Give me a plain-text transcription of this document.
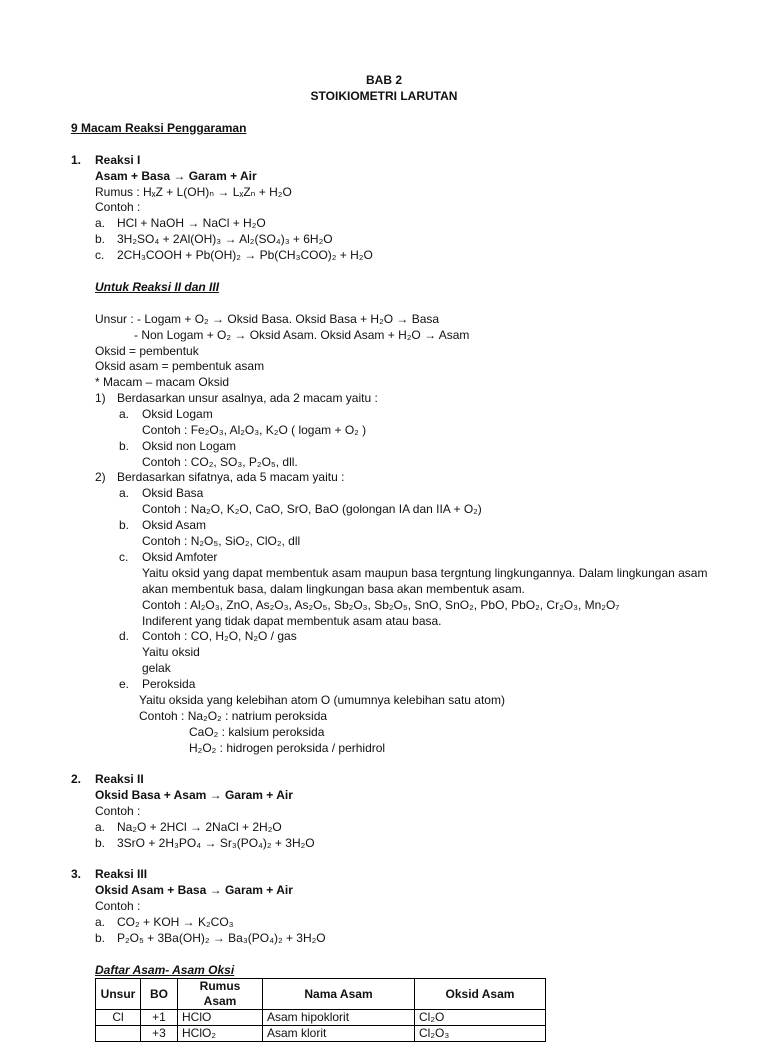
BAB 2
STOIKIOMETRI LARUTAN
9 Macam Reaksi Penggaraman
1. Reaksi I
Asam + Basa → Garam + Air
Rumus : HₓZ + L(OH)ₙ → LₓZₙ + H₂O
Contoh :
a. HCl + NaOH → NaCl + H₂O
b. 3H₂SO₄ + 2Al(OH)₃ → Al₂(SO₄)₃ + 6H₂O
c. 2CH₃COOH + Pb(OH)₂ → Pb(CH₃COO)₂ + H₂O
Untuk Reaksi II dan III
Unsur : - Logam + O₂ → Oksid Basa. Oksid Basa + H₂O → Basa
- Non Logam + O₂ → Oksid Asam. Oksid Asam + H₂O → Asam
Oksid = pembentuk
Oksid asam = pembentuk asam
* Macam – macam Oksid
1) Berdasarkan unsur asalnya, ada 2 macam yaitu :
a. Oksid Logam
Contoh : Fe₂O₃, Al₂O₃, K₂O ( logam + O₂ )
b. Oksid non Logam
Contoh : CO₂, SO₃, P₂O₅, dll.
2) Berdasarkan sifatnya, ada 5 macam yaitu :
a. Oksid Basa
Contoh : Na₂O, K₂O, CaO, SrO, BaO (golongan IA dan IIA + O₂)
b. Oksid Asam
Contoh : N₂O₅, SiO₂, ClO₂, dll
c. Oksid Amfoter
Yaitu oksid yang dapat membentuk asam maupun basa tergntung lingkungannya. Dalam lingkungan asam
akan membentuk basa, dalam lingkungan basa akan membentuk asam.
Contoh : Al₂O₃, ZnO, As₂O₃, As₂O₅, Sb₂O₃, Sb₂O₅, SnO, SnO₂, PbO, PbO₂, Cr₂O₃, Mn₂O₇
Indiferent yang tidak dapat membentuk asam atau basa.
d. Contoh : CO, H₂O, N₂O / gas
Yaitu oksid
gelak
e. Peroksida
Yaitu oksida yang kelebihan atom O (umumnya kelebihan satu atom)
Contoh : Na₂O₂ : natrium peroksida
CaO₂ : kalsium peroksida
H₂O₂ : hidrogen peroksida / perhidrol
2. Reaksi II
Oksid Basa + Asam → Garam + Air
Contoh :
a. Na₂O + 2HCl → 2NaCl + 2H₂O
b. 3SrO + 2H₃PO₄ → Sr₃(PO₄)₂ + 3H₂O
3. Reaksi III
Oksid Asam + Basa → Garam + Air
Contoh :
a. CO₂ + KOH → K₂CO₃
b. P₂O₅ + 3Ba(OH)₂ → Ba₃(PO₄)₂ + 3H₂O
Daftar Asam- Asam Oksi
Unsur	BO	Rumus Asam	Nama Asam	Oksid Asam
Cl	+1	HClO	Asam hipoklorit	Cl₂O
	+3	HClO₂	Asam klorit	Cl₂O₃
